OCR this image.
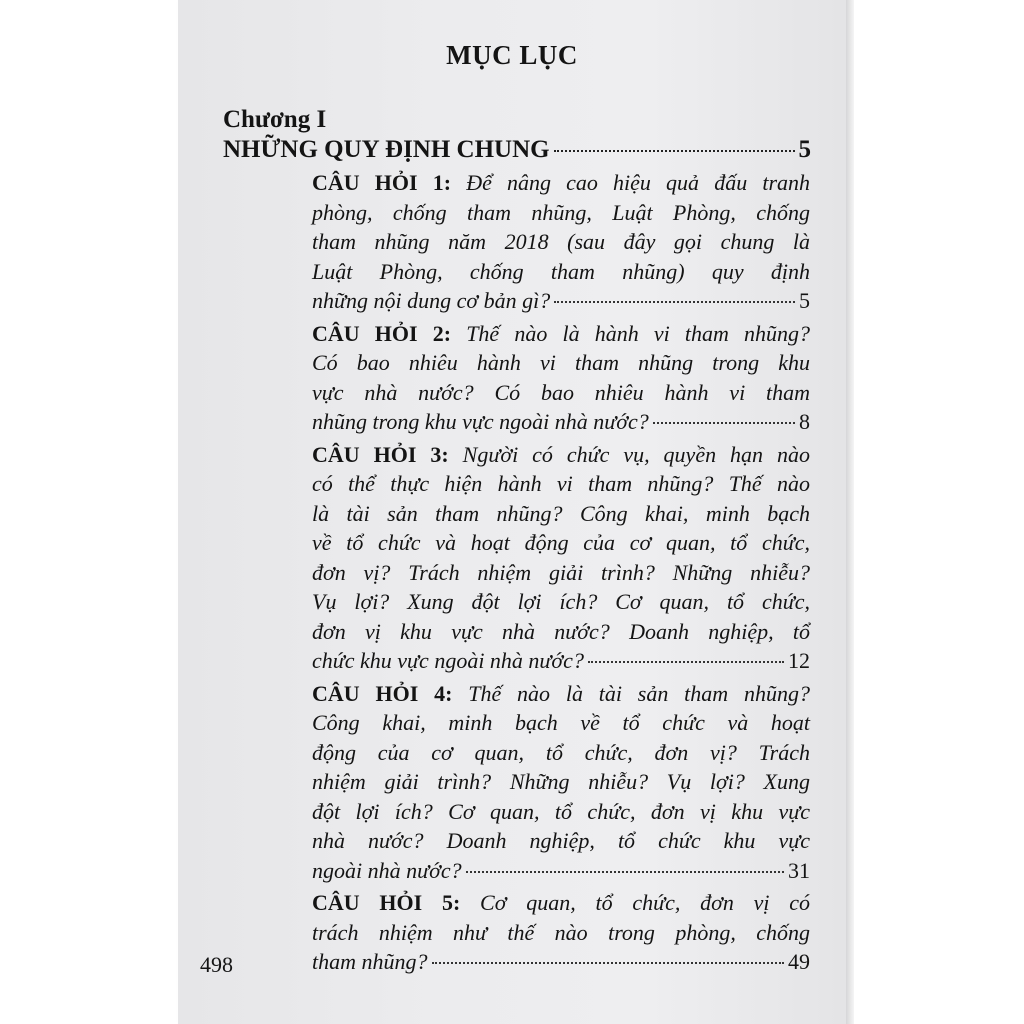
MỤC LỤC
Chương I
NHỮNG QUY ĐỊNH CHUNG	5
CÂU HỎI 1: Để nâng cao hiệu quả đấu tranh
phòng, chống tham nhũng, Luật Phòng, chống
tham nhũng năm 2018 (sau đây gọi chung là
Luật Phòng, chống tham nhũng) quy định
những nội dung cơ bản gì?	5
CÂU HỎI 2: Thế nào là hành vi tham nhũng?
Có bao nhiêu hành vi tham nhũng trong khu
vực nhà nước? Có bao nhiêu hành vi tham
nhũng trong khu vực ngoài nhà nước?	8
CÂU HỎI 3: Người có chức vụ, quyền hạn nào
có thể thực hiện hành vi tham nhũng? Thế nào
là tài sản tham nhũng? Công khai, minh bạch
về tổ chức và hoạt động của cơ quan, tổ chức,
đơn vị? Trách nhiệm giải trình? Những nhiễu?
Vụ lợi? Xung đột lợi ích? Cơ quan, tổ chức,
đơn vị khu vực nhà nước? Doanh nghiệp, tổ
chức khu vực ngoài nhà nước?	12
CÂU HỎI 4: Thế nào là tài sản tham nhũng?
Công khai, minh bạch về tổ chức và hoạt
động của cơ quan, tổ chức, đơn vị? Trách
nhiệm giải trình? Những nhiễu? Vụ lợi? Xung
đột lợi ích? Cơ quan, tổ chức, đơn vị khu vực
nhà nước? Doanh nghiệp, tổ chức khu vực
ngoài nhà nước?	31
CÂU HỎI 5: Cơ quan, tổ chức, đơn vị có
trách nhiệm như thế nào trong phòng, chống
tham nhũng?	49
498
